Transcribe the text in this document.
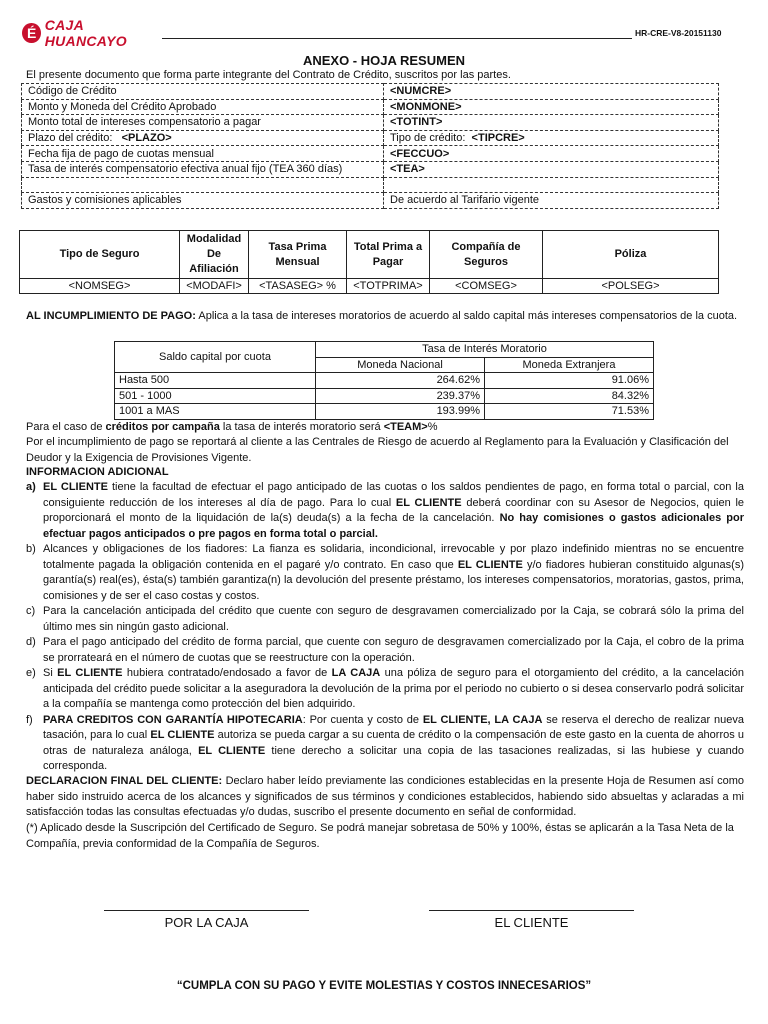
É CAJA HUANCAYO	HR-CRE-V8-20151130
ANEXO - HOJA RESUMEN
El presente documento que forma parte integrante del Contrato de Crédito, suscritos por las partes.
Código de Crédito	<NUMCRE>
Monto y Moneda del Crédito Aprobado	<MONMONE>
Monto total de intereses compensatorio a pagar	<TOTINT>
Plazo del crédito: <PLAZO>	Tipo de crédito: <TIPCRE>
Fecha fija de pago de cuotas mensual	<FECCUO>
Tasa de interés compensatorio efectiva anual fijo (TEA 360 días)	<TEA>

Gastos y comisiones aplicables	De acuerdo al Tarifario vigente
Tipo de Seguro	Modalidad De Afiliación	Tasa Prima Mensual	Total Prima a Pagar	Compañía de Seguros	Póliza
<NOMSEG>	<MODAFI>	<TASASEG> %	<TOTPRIMA>	<COMSEG>	<POLSEG>
AL INCUMPLIMIENTO DE PAGO: Aplica a la tasa de intereses moratorios de acuerdo al saldo capital más intereses compensatorios de la cuota.
Saldo capital por cuota	Tasa de Interés Moratorio	
	Moneda Nacional	Moneda Extranjera
Hasta 500	264.62%	91.06%
501 - 1000	239.37%	84.32%
1001 a MAS	193.99%	71.53%
Para el caso de créditos por campaña la tasa de interés moratorio será <TEAM>%
Por el incumplimiento de pago se reportará al cliente a las Centrales de Riesgo de acuerdo al Reglamento para la Evaluación y Clasificación del Deudor y la Exigencia de Provisiones Vigente.
INFORMACION ADICIONAL
a) EL CLIENTE tiene la facultad de efectuar el pago anticipado de las cuotas o los saldos pendientes de pago, en forma total o parcial, con la consiguiente reducción de los intereses al día de pago. Para lo cual EL CLIENTE deberá coordinar con su Asesor de Negocios, quien le proporcionará el monto de la liquidación de la(s) deuda(s) a la fecha de la cancelación. No hay comisiones o gastos adicionales por efectuar pagos anticipados o pre pagos en forma total o parcial.
b) Alcances y obligaciones de los fiadores: La fianza es solidaria, incondicional, irrevocable y por plazo indefinido mientras no se encuentre totalmente pagada la obligación contenida en el pagaré y/o contrato. En caso que EL CLIENTE y/o fiadores hubieran constituido algunas(s) garantía(s) real(es), ésta(s) también garantiza(n) la devolución del presente préstamo, los intereses compensatorios, moratorias, gastos, prima, comisiones y de ser el caso costas y costos.
c) Para la cancelación anticipada del crédito que cuente con seguro de desgravamen comercializado por la Caja, se cobrará sólo la prima del último mes sin ningún gasto adicional.
d) Para el pago anticipado del crédito de forma parcial, que cuente con seguro de desgravamen comercializado por la Caja, el cobro de la prima se prorrateará en el número de cuotas que se reestructure con la operación.
e) Si EL CLIENTE hubiera contratado/endosado a favor de LA CAJA una póliza de seguro para el otorgamiento del crédito, a la cancelación anticipada del crédito puede solicitar a la aseguradora la devolución de la prima por el periodo no cubierto o si desea conservarlo podrá solicitar a la compañía se mantenga como protección del bien adquirido.
f) PARA CREDITOS CON GARANTÍA HIPOTECARIA: Por cuenta y costo de EL CLIENTE, LA CAJA se reserva el derecho de realizar nueva tasación, para lo cual EL CLIENTE autoriza se pueda cargar a su cuenta de crédito o la compensación de este gasto en la cuenta de ahorros u otras de naturaleza análoga, EL CLIENTE tiene derecho a solicitar una copia de las tasaciones realizadas, si las hubiese y cuando corresponda.
DECLARACION FINAL DEL CLIENTE: Declaro haber leído previamente las condiciones establecidas en la presente Hoja de Resumen así como haber sido instruido acerca de los alcances y significados de sus términos y condiciones establecidos, habiendo sido absueltas y aclaradas a mi satisfacción todas las consultas efectuadas y/o dudas, suscribo el presente documento en señal de conformidad.
(*) Aplicado desde la Suscripción del Certificado de Seguro. Se podrá manejar sobretasa de 50% y 100%, éstas se aplicarán a la Tasa Neta de la Compañía, previa conformidad de la Compañía de Seguros.
POR LA CAJA	EL CLIENTE
“CUMPLA CON SU PAGO Y EVITE MOLESTIAS Y COSTOS INNECESARIOS”
